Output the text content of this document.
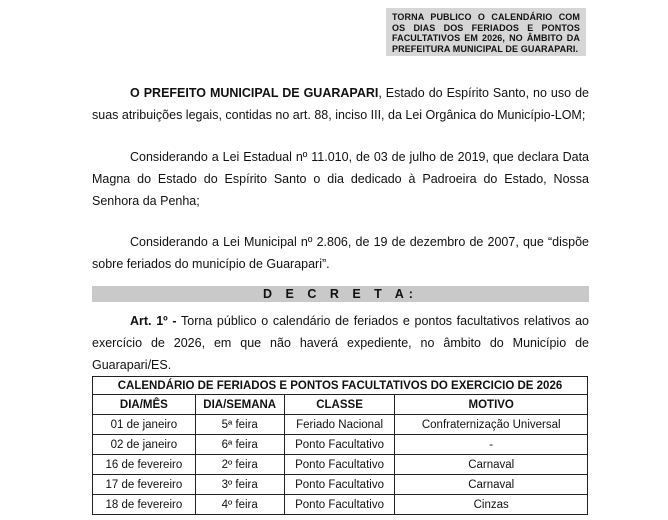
TORNA PUBLICO O CALENDÁRIO COM OS DIAS DOS FERIADOS E PONTOS FACULTATIVOS EM 2026, NO ÂMBITO DA PREFEITURA MUNICIPAL DE GUARAPARI.

O PREFEITO MUNICIPAL DE GUARAPARI, Estado do Espírito Santo, no uso de suas atribuições legais, contidas no art. 88, inciso III, da Lei Orgânica do Município-LOM;

Considerando a Lei Estadual nº 11.010, de 03 de julho de 2019, que declara Data Magna do Estado do Espírito Santo o dia dedicado à Padroeira do Estado, Nossa Senhora da Penha;

Considerando a Lei Municipal nº 2.806, de 19 de dezembro de 2007, que “dispõe sobre feriados do município de Guarapari”.

D E C R E T A:

Art. 1º - Torna público o calendário de feriados e pontos facultativos relativos ao exercício de 2026, em que não haverá expediente, no âmbito do Município de Guarapari/ES.

CALENDÁRIO DE FERIADOS E PONTOS FACULTATIVOS DO EXERCICIO DE 2026			
DIA/MÊS	DIA/SEMANA	CLASSE	MOTIVO
01 de janeiro	5ª feira	Feriado Nacional	Confraternização Universal
02 de janeiro	6ª feira	Ponto Facultativo	-
16 de fevereiro	2º feira	Ponto Facultativo	Carnaval
17 de fevereiro	3º feira	Ponto Facultativo	Carnaval
18 de fevereiro	4º feira	Ponto Facultativo	Cinzas
